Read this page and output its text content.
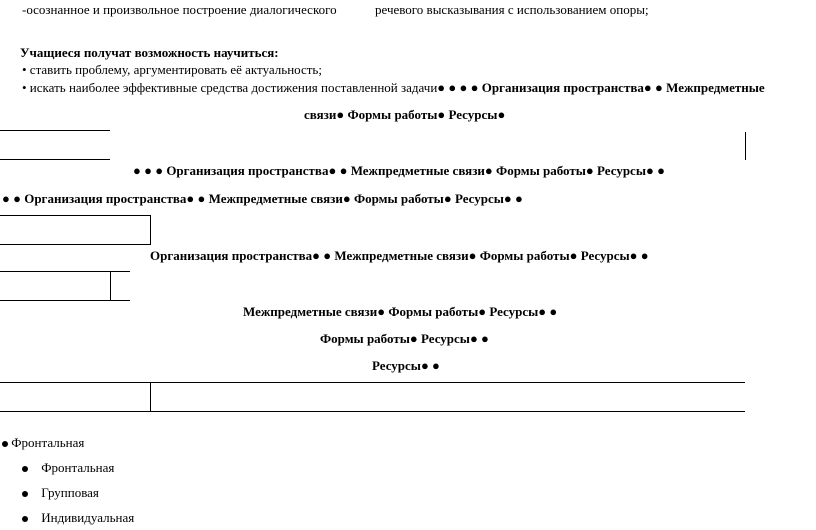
-осознанное и произвольное построение диалогического	речевого высказывания с использованием опоры;
Учащиеся получат возможность научиться:
• ставить проблему, аргументировать её актуальность;
• искать наиболее эффективные средства достижения поставленной задачи● ● ● ● Организация пространства● ● Межпредметные
связи● Формы работы● Ресурсы●
● ● ● Организация пространства● ● Межпредметные связи● Формы работы● Ресурсы● ●
● ● Организация пространства● ● Межпредметные связи● Формы работы● Ресурсы● ●
Организация пространства● ● Межпредметные связи● Формы работы● Ресурсы● ●
Межпредметные связи● Формы работы● Ресурсы● ●
Формы работы● Ресурсы● ●
Ресурсы● ●
Фронтальная
Фронтальная
Групповая
Индивидуальная
